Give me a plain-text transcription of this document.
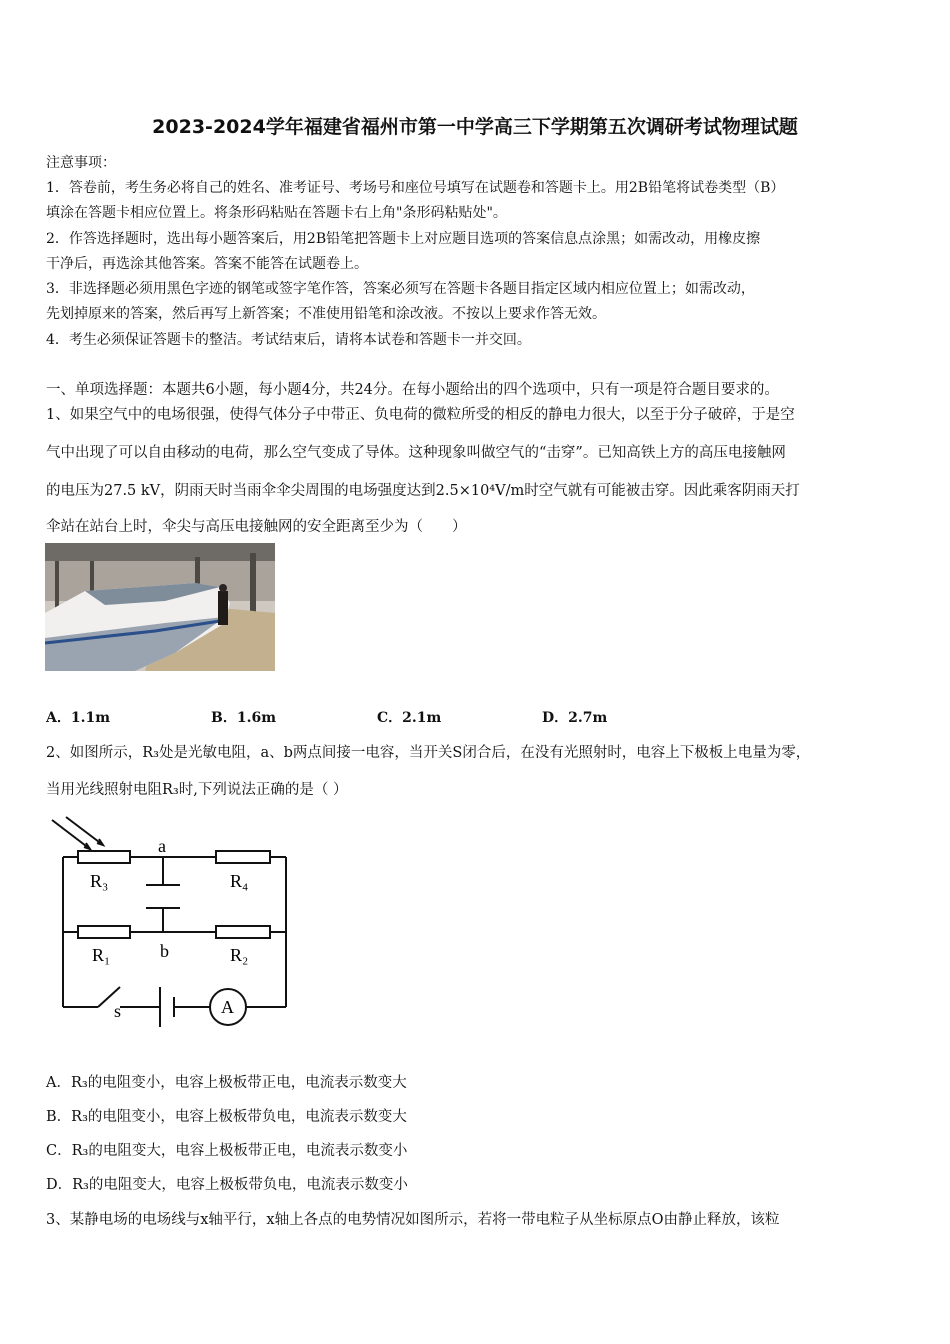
2023-2024学年福建省福州市第一中学高三下学期第五次调研考试物理试题
注意事项：
1．答卷前，考生务必将自己的姓名、准考证号、考场号和座位号填写在试题卷和答题卡上。用2B铅笔将试卷类型（B）
填涂在答题卡相应位置上。将条形码粘贴在答题卡右上角"条形码粘贴处"。
2．作答选择题时，选出每小题答案后，用2B铅笔把答题卡上对应题目选项的答案信息点涂黑；如需改动，用橡皮擦
干净后，再选涂其他答案。答案不能答在试题卷上。
3．非选择题必须用黑色字迹的钢笔或签字笔作答，答案必须写在答题卡各题目指定区域内相应位置上；如需改动，
先划掉原来的答案，然后再写上新答案；不准使用铅笔和涂改液。不按以上要求作答无效。
4．考生必须保证答题卡的整洁。考试结束后，请将本试卷和答题卡一并交回。
一、单项选择题：本题共6小题，每小题4分，共24分。在每小题给出的四个选项中，只有一项是符合题目要求的。
1、如果空气中的电场很强，使得气体分子中带正、负电荷的微粒所受的相反的静电力很大，以至于分子破碎，于是空
气中出现了可以自由移动的电荷，那么空气变成了导体。这种现象叫做空气的“击穿”。已知高铁上方的高压电接触网
的电压为27.5 kV，阴雨天时当雨伞伞尖周围的电场强度达到2.5×10⁴V/m时空气就有可能被击穿。因此乘客阴雨天打
伞站在站台上时，伞尖与高压电接触网的安全距离至少为（　　）
A．1.1m	B．1.6m	C．2.1m	D．2.7m
2、如图所示，R₃处是光敏电阻，a、b两点间接一电容，当开关S闭合后，在没有光照射时，电容上下极板上电量为零，
当用光线照射电阻R₃时,下列说法正确的是（ ）
a
R₃	R₄
b
R₁	R₂
s	A
A．R₃的电阻变小，电容上极板带正电，电流表示数变大
B．R₃的电阻变小，电容上极板带负电，电流表示数变大
C．R₃的电阻变大，电容上极板带正电，电流表示数变小
D．R₃的电阻变大，电容上极板带负电，电流表示数变小
3、某静电场的电场线与x轴平行，x轴上各点的电势情况如图所示，若将一带电粒子从坐标原点O由静止释放，该粒
